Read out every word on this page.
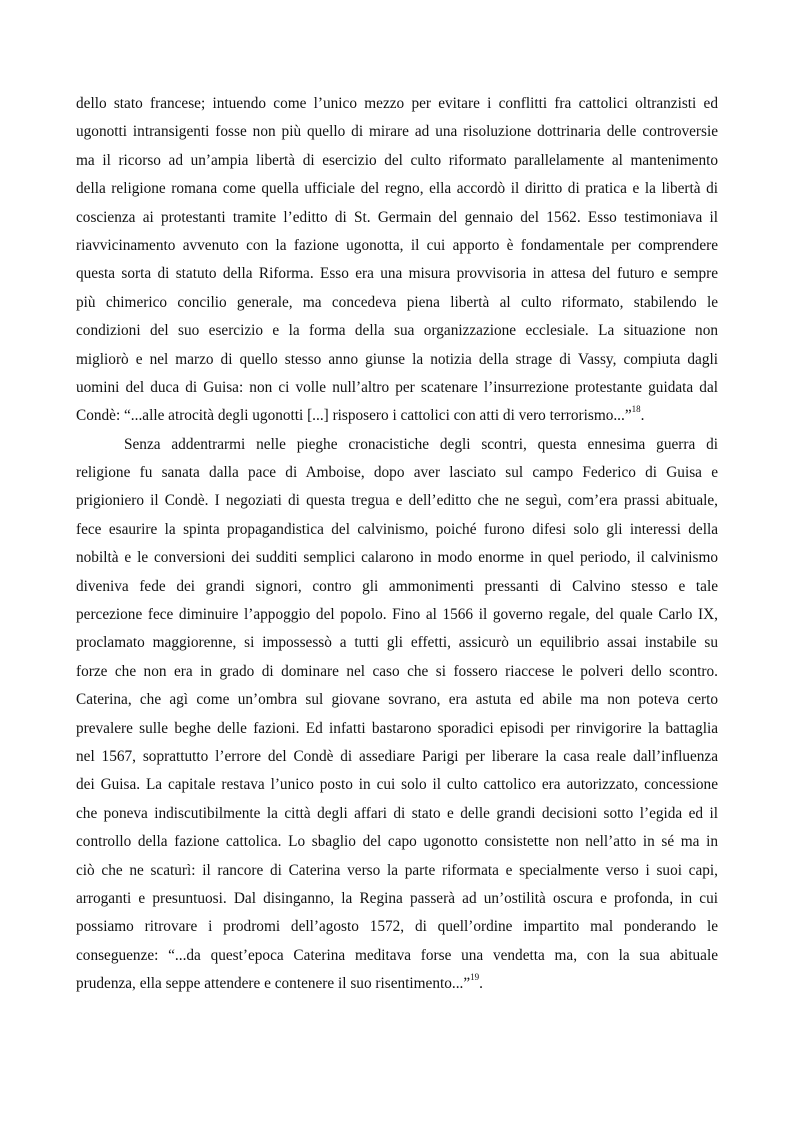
dello stato francese; intuendo come l’unico mezzo per evitare i conflitti fra cattolici oltranzisti ed
ugonotti intransigenti fosse non più quello di mirare ad una risoluzione dottrinaria delle controversie
ma il ricorso ad un’ampia libertà di esercizio del culto riformato parallelamente al mantenimento
della religione romana come quella ufficiale del regno, ella accordò il diritto di pratica e la libertà di
coscienza ai protestanti tramite l’editto di St. Germain del gennaio del 1562. Esso testimoniava il
riavvicinamento avvenuto con la fazione ugonotta, il cui apporto è fondamentale per comprendere
questa sorta di statuto della Riforma. Esso era una misura provvisoria in attesa del futuro e sempre
più chimerico concilio generale, ma concedeva piena libertà al culto riformato, stabilendo le
condizioni del suo esercizio e la forma della sua organizzazione ecclesiale. La situazione non
migliorò e nel marzo di quello stesso anno giunse la notizia della strage di Vassy, compiuta dagli
uomini del duca di Guisa: non ci volle null’altro per scatenare l’insurrezione protestante guidata dal
Condè: “...alle atrocità degli ugonotti [...] risposero i cattolici con atti di vero terrorismo...”$^{18}$.
Senza addentrarmi nelle pieghe cronacistiche degli scontri, questa ennesima guerra di
religione fu sanata dalla pace di Amboise, dopo aver lasciato sul campo Federico di Guisa e
prigioniero il Condè. I negoziati di questa tregua e dell’editto che ne seguì, com’era prassi abituale,
fece esaurire la spinta propagandistica del calvinismo, poiché furono difesi solo gli interessi della
nobiltà e le conversioni dei sudditi semplici calarono in modo enorme in quel periodo, il calvinismo
diveniva fede dei grandi signori, contro gli ammonimenti pressanti di Calvino stesso e tale
percezione fece diminuire l’appoggio del popolo. Fino al 1566 il governo regale, del quale Carlo IX,
proclamato maggiorenne, si impossessò a tutti gli effetti, assicurò un equilibrio assai instabile su
forze che non era in grado di dominare nel caso che si fossero riaccese le polveri dello scontro.
Caterina, che agì come un’ombra sul giovane sovrano, era astuta ed abile ma non poteva certo
prevalere sulle beghe delle fazioni. Ed infatti bastarono sporadici episodi per rinvigorire la battaglia
nel 1567, soprattutto l’errore del Condè di assediare Parigi per liberare la casa reale dall’influenza
dei Guisa. La capitale restava l’unico posto in cui solo il culto cattolico era autorizzato, concessione
che poneva indiscutibilmente la città degli affari di stato e delle grandi decisioni sotto l’egida ed il
controllo della fazione cattolica. Lo sbaglio del capo ugonotto consistette non nell’atto in sé ma in
ciò che ne scaturì: il rancore di Caterina verso la parte riformata e specialmente verso i suoi capi,
arroganti e presuntuosi. Dal disinganno, la Regina passerà ad un’ostilità oscura e profonda, in cui
possiamo ritrovare i prodromi dell’agosto 1572, di quell’ordine impartito mal ponderando le
conseguenze: “...da quest’epoca Caterina meditava forse una vendetta ma, con la sua abituale
prudenza, ella seppe attendere e contenere il suo risentimento...”$^{19}$.
